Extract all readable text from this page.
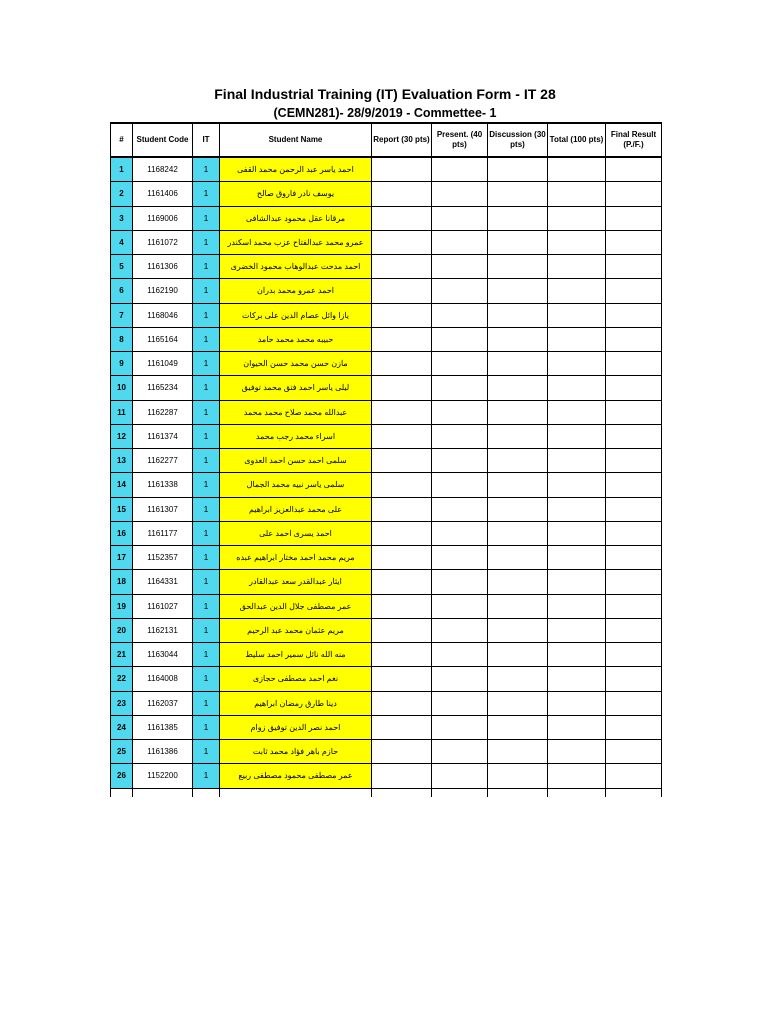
Final Industrial Training (IT) Evaluation Form - IT 28
(CEMN281)- 28/9/2019 - Commettee- 1
#	Student Code	IT	Student Name	Report (30 pts)	Present. (40 pts)	Discussion (30 pts)	Total (100 pts)	Final Result (P./F.)
1	1168242	1	احمد ياسر عبد الرحمن محمد القفى					
2	1161406	1	يوسف نادر فاروق صالح					
3	1169006	1	مرقانا عقل محمود عبدالشافى					
4	1161072	1	عمرو محمد عبدالفتاح عزب محمد اسكندر					
5	1161306	1	احمد مدحت عبدالوهاب محمود الخضرى					
6	1162190	1	احمد عمرو محمد بدران					
7	1168046	1	يازا وائل عصام الدين على بركات					
8	1165164	1	حبيبه محمد محمد حامد					
9	1161049	1	مازن حسن محمد حسن الحيوان					
10	1165234	1	ليلى ياسر احمد فتق محمد توفيق					
11	1162287	1	عبدالله محمد صلاح محمد محمد					
12	1161374	1	اسراء محمد رجب محمد					
13	1162277	1	سلمى احمد حسن احمد العدوى					
14	1161338	1	سلمى ياسر نبيه محمد الجمال					
15	1161307	1	على محمد عبدالعزيز ابراهيم					
16	1161177	1	احمد يسرى احمد على					
17	1152357	1	مريم محمد احمد مختار ابراهيم عبده					
18	1164331	1	ايثار عبدالقدر سعد عبدالقادر					
19	1161027	1	عمر مصطفى جلال الدين عبدالحق					
20	1162131	1	مريم عثمان محمد عبد الرحيم					
21	1163044	1	منه الله نائل سمير احمد سليط					
22	1164008	1	نغم احمد مصطفى حجازى					
23	1162037	1	دينا طارق رمضان ابراهيم					
24	1161385	1	احمد نصر الدين توفيق زوام					
25	1161386	1	حازم باهر فؤاد محمد ثابت					
26	1152200	1	عمر مصطفى محمود مصطفى ربيع					
